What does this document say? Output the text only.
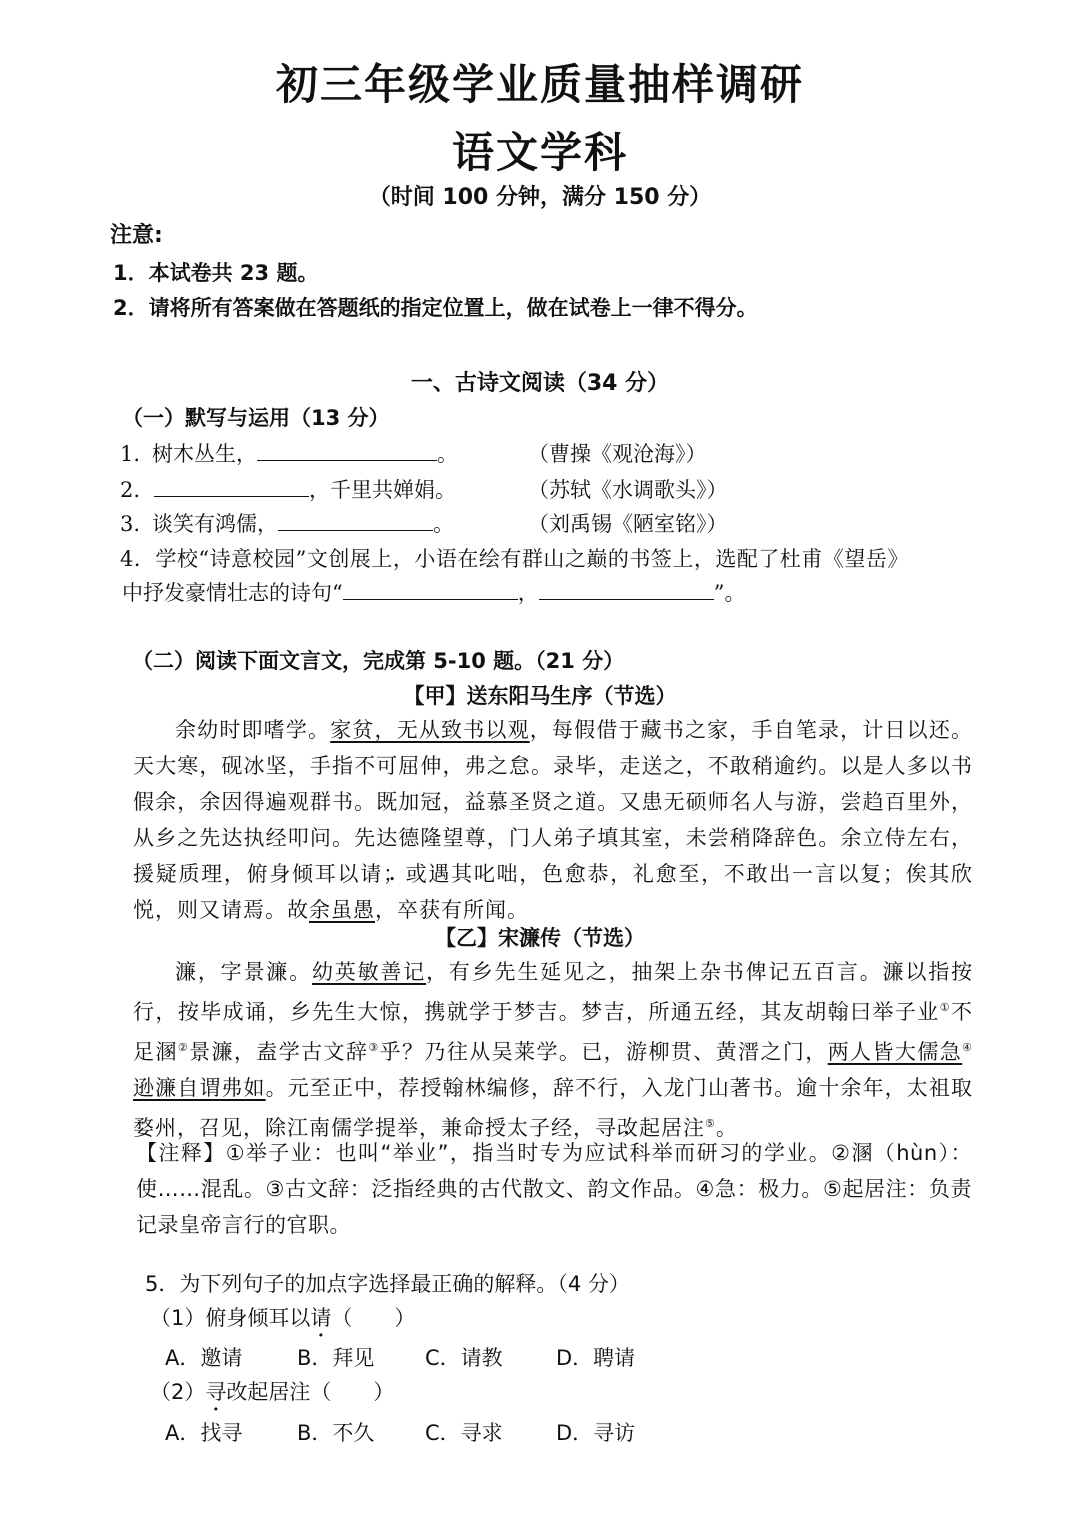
初三年级学业质量抽样调研
语文学科
（时间 100 分钟，满分 150 分）
注意:
1．本试卷共 23 题。
2．请将所有答案做在答题纸的指定位置上，做在试卷上一律不得分。
一、古诗文阅读（34 分）
（一）默写与运用（13 分）
1. 树木丛生，	。	（曹操《观沧海》）
2.	，千里共婵娟。	（苏轼《水调歌头》）
3. 谈笑有鸿儒，	。	（刘禹锡《陋室铭》）
4．学校“诗意校园”文创展上，小语在绘有群山之巅的书签上，选配了杜甫《望岳》
中抒发豪情壮志的诗句“	，	”。
（二）阅读下面文言文，完成第 5-10 题。（21 分）
【甲】送东阳马生序（节选）
余幼时即嗜学。家贫，无从致书以观，每假借于藏书之家，手自笔录，计日以还。天大寒，砚冰坚，手指不可屈伸，弗之怠。录毕，走送之，不敢稍逾约。以是人多以书假余，余因得遍观群书。既加冠，益慕圣贤之道。又患无硕师名人与游，尝趋百里外，从乡之先达执经叩问。先达德隆望尊，门人弟子填其室，未尝稍降辞色。余立侍左右，援疑质理，俯身倾耳以请；或遇其叱咄，色愈恭，礼愈至，不敢出一言以复；俟其欣悦，则又请焉。故余虽愚，卒获有所闻。
【乙】宋濂传（节选）
濂，字景濂。幼英敏善记，有乡先生延见之，抽架上杂书俾记五百言。濂以指按行，按毕成诵，乡先生大惊，携就学于梦吉。梦吉，所通五经，其友胡翰曰举子业①不足溷②景濂，盍学古文辞③乎？乃往从吴莱学。已，游柳贯、黄溍之门，两人皆大儒急④逊濂自谓弗如。元至正中，荐授翰林编修，辞不行，入龙门山著书。逾十余年，太祖取婺州，召见，除江南儒学提举，兼命授太子经，寻改起居注⑤。
【注释】①举子业：也叫“举业”，指当时专为应试科举而研习的学业。②溷（hùn）：使……混乱。③古文辞：泛指经典的古代散文、韵文作品。④急：极力。⑤起居注：负责记录皇帝言行的官职。
5．为下列句子的加点字选择最正确的解释。（4 分）
（1）俯身倾耳以请（　　）
A．邀请	B．拜见 C．请教	D．聘请
（2）寻改起居注（　　）
A．找寻	B．不久 C．寻求	D．寻访
